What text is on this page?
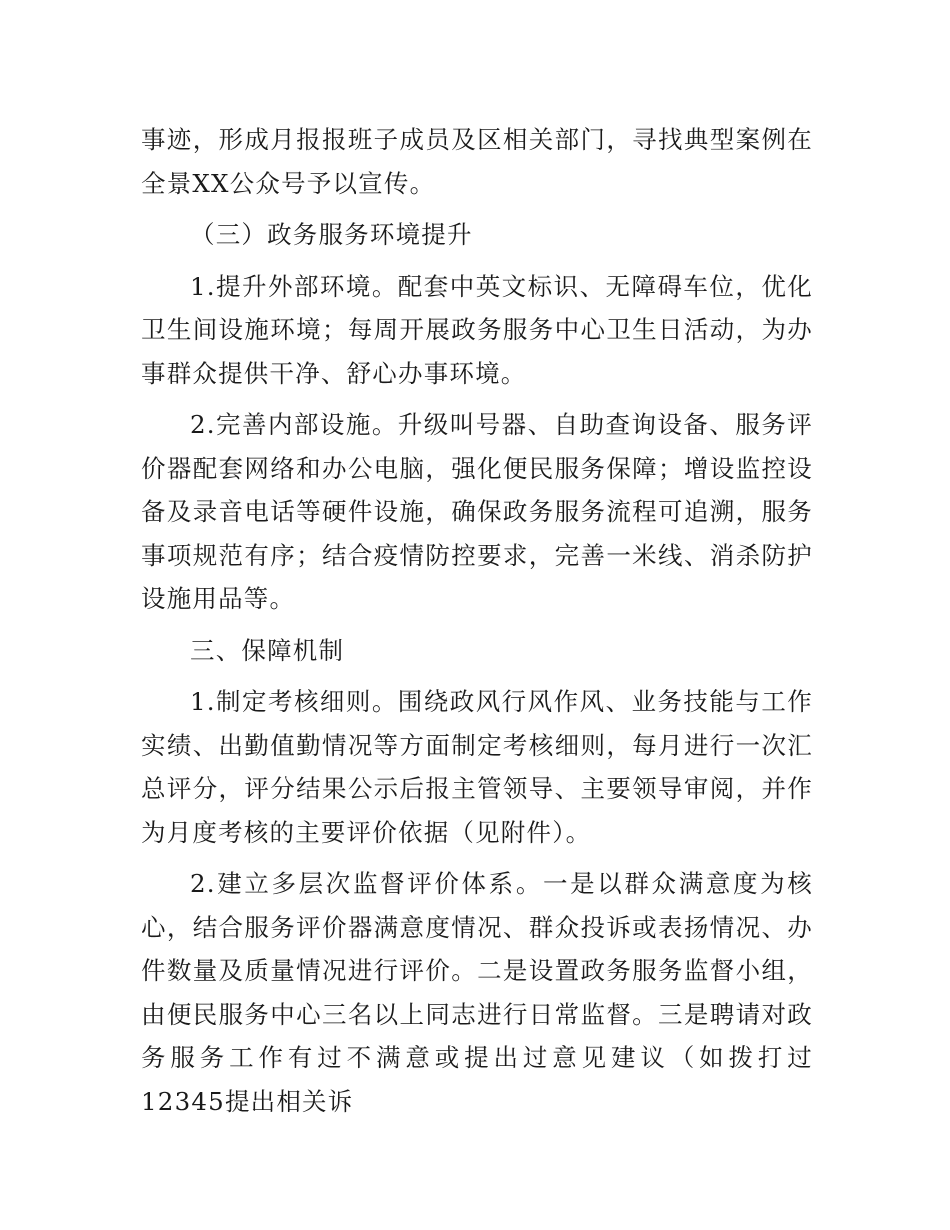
事迹，形成月报报班子成员及区相关部门，寻找典型案例在全景XX公众号予以宣传。

（三）政务服务环境提升

1.提升外部环境。配套中英文标识、无障碍车位，优化卫生间设施环境；每周开展政务服务中心卫生日活动，为办事群众提供干净、舒心办事环境。

2.完善内部设施。升级叫号器、自助查询设备、服务评价器配套网络和办公电脑，强化便民服务保障；增设监控设备及录音电话等硬件设施，确保政务服务流程可追溯，服务事项规范有序；结合疫情防控要求，完善一米线、消杀防护设施用品等。

三、保障机制

1.制定考核细则。围绕政风行风作风、业务技能与工作实绩、出勤值勤情况等方面制定考核细则，每月进行一次汇总评分，评分结果公示后报主管领导、主要领导审阅，并作为月度考核的主要评价依据（见附件）。

2.建立多层次监督评价体系。一是以群众满意度为核心，结合服务评价器满意度情况、群众投诉或表扬情况、办件数量及质量情况进行评价。二是设置政务服务监督小组，由便民服务中心三名以上同志进行日常监督。三是聘请对政务服务工作有过不满意或提出过意见建议（如拨打过12345提出相关诉
